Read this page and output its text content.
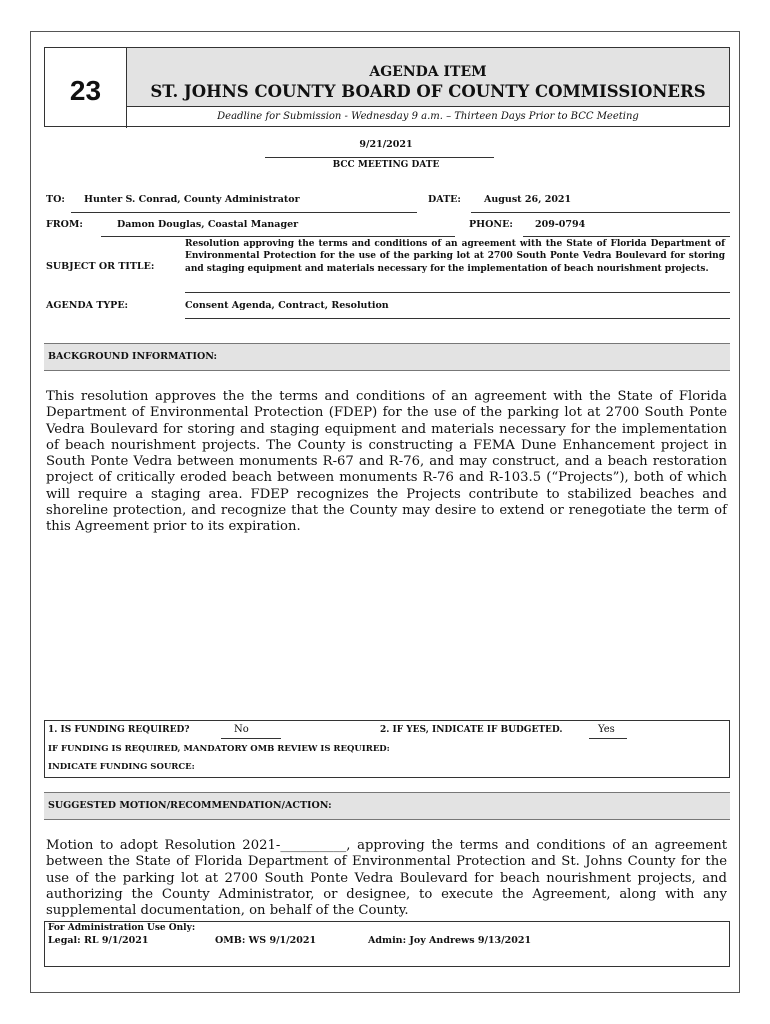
23
AGENDA ITEM
ST. JOHNS COUNTY BOARD OF COUNTY COMMISSIONERS
Deadline for Submission - Wednesday 9 a.m. – Thirteen Days Prior to BCC Meeting
9/21/2021
BCC MEETING DATE
TO: Hunter S. Conrad, County Administrator	DATE: August 26, 2021
FROM:	Damon Douglas, Coastal Manager	PHONE: 209-0794
SUBJECT OR TITLE:
Resolution approving the terms and conditions of an agreement with the State of Florida Department of Environmental Protection for the use of the parking lot at 2700 South Ponte Vedra Boulevard for storing and staging equipment and materials necessary for the implementation of beach nourishment projects.
AGENDA TYPE:	Consent Agenda, Contract, Resolution
BACKGROUND INFORMATION:
This resolution approves the the terms and conditions of an agreement with the State of Florida Department of Environmental Protection (FDEP) for the use of the parking lot at 2700 South Ponte Vedra Boulevard for storing and staging equipment and materials necessary for the implementation of beach nourishment projects. The County is constructing a FEMA Dune Enhancement project in South Ponte Vedra between monuments R-67 and R-76, and may construct, and a beach restoration project of critically eroded beach between monuments R-76 and R-103.5 (“Projects”), both of which will require a staging area. FDEP recognizes the Projects contribute to stabilized beaches and shoreline protection, and recognize that the County may desire to extend or renegotiate the term of this Agreement prior to its expiration.
1. IS FUNDING REQUIRED?	No	2. IF YES, INDICATE IF BUDGETED.	Yes
IF FUNDING IS REQUIRED, MANDATORY OMB REVIEW IS REQUIRED:
INDICATE FUNDING SOURCE:
SUGGESTED MOTION/RECOMMENDATION/ACTION:
Motion to adopt Resolution 2021-__________, approving the terms and conditions of an agreement between the State of Florida Department of Environmental Protection and St. Johns County for the use of the parking lot at 2700 South Ponte Vedra Boulevard for beach nourishment projects, and authorizing the County Administrator, or designee, to execute the Agreement, along with any supplemental documentation, on behalf of the County.
For Administration Use Only:
Legal: RL 9/1/2021	OMB: WS 9/1/2021	Admin: Joy Andrews 9/13/2021
